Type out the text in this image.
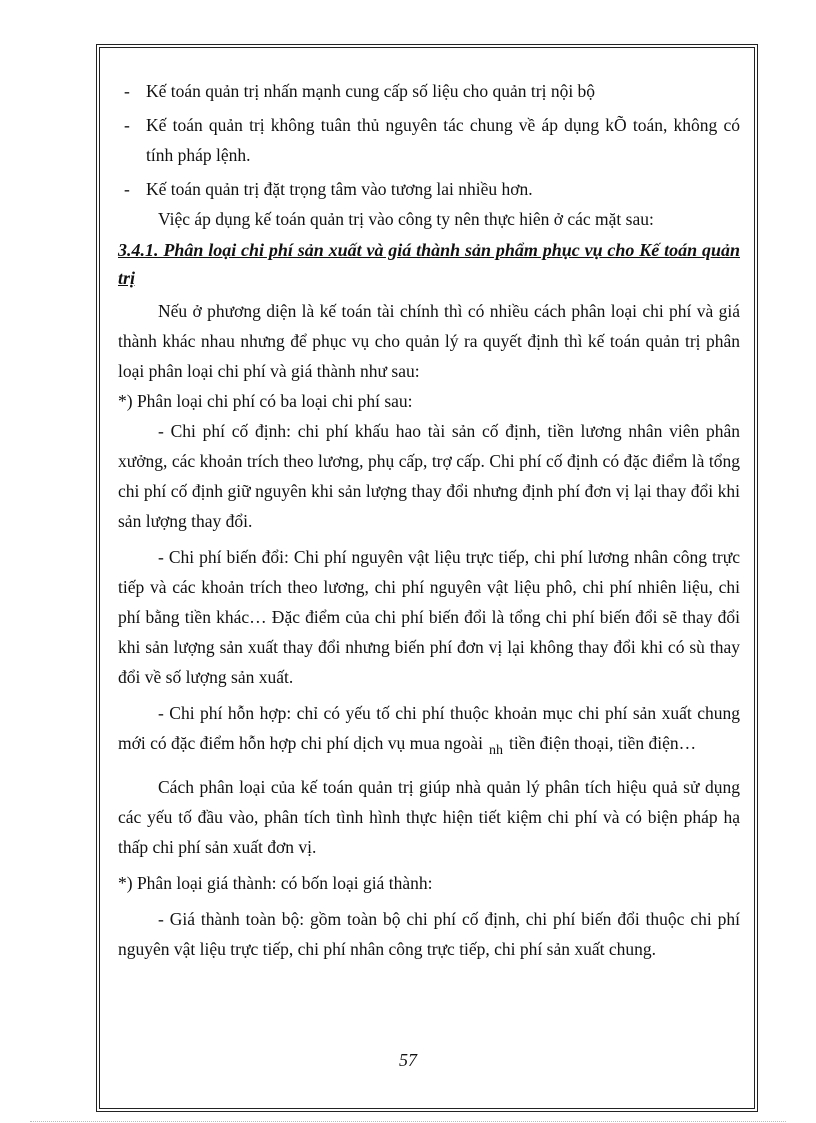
- Kế toán quản trị nhấn mạnh cung cấp số liệu cho quản trị nội bộ

- Kế toán quản trị không tuân thủ nguyên tác chung về áp dụng kÕ toán, không có tính pháp lệnh.

- Kế toán quản trị đặt trọng tâm vào tương lai nhiều hơn.

Việc áp dụng kế toán quản trị vào công ty nên thực hiên ở các mặt sau:

3.4.1. Phân loại chi phí sản xuất và giá thành sản phẩm phục vụ cho Kế toán quản trị

Nếu ở phương diện là kế toán tài chính thì có nhiều cách phân loại chi phí và giá thành khác nhau nhưng để phục vụ cho quản lý ra quyết định thì kế toán quản trị phân loại phân loại chi phí và giá thành như sau:

*) Phân loại chi phí có ba loại chi phí sau:

- Chi phí cố định: chi phí khấu hao tài sản cố định, tiền lương nhân viên phân xưởng, các khoản trích theo lương, phụ cấp, trợ cấp. Chi phí cố định có đặc điểm là tổng chi phí cố định giữ nguyên khi sản lượng thay đổi nhưng định phí đơn vị lại thay đổi khi sản lượng thay đổi.

- Chi phí biến đổi: Chi phí nguyên vật liệu trực tiếp, chi phí lương nhân công trực tiếp và các khoản trích theo lương, chi phí nguyên vật liệu phô, chi phí nhiên liệu, chi phí bằng tiền khác… Đặc điểm của chi phí biến đổi là tổng chi phí biến đổi sẽ thay đổi khi sản lượng sản xuất thay đổi nhưng biến phí đơn vị lại không thay đổi khi có sù thay đổi về số lượng sản xuất.

- Chi phí hỗn hợp: chỉ có yếu tố chi phí thuộc khoản mục chi phí sản xuất chung mới có đặc điểm hỗn hợp chi phí dịch vụ mua ngoài $_{nh}$ tiền điện thoại, tiền điện…

Cách phân loại của kế toán quản trị giúp nhà quản lý phân tích hiệu quả sử dụng các yếu tố đầu vào, phân tích tình hình thực hiện tiết kiệm chi phí và có biện pháp hạ thấp chi phí sản xuất đơn vị.

*) Phân loại giá thành: có bốn loại giá thành:

- Giá thành toàn bộ: gồm toàn bộ chi phí cố định, chi phí biến đổi thuộc chi phí nguyên vật liệu trực tiếp, chi phí nhân công trực tiếp, chi phí sản xuất chung.

57
